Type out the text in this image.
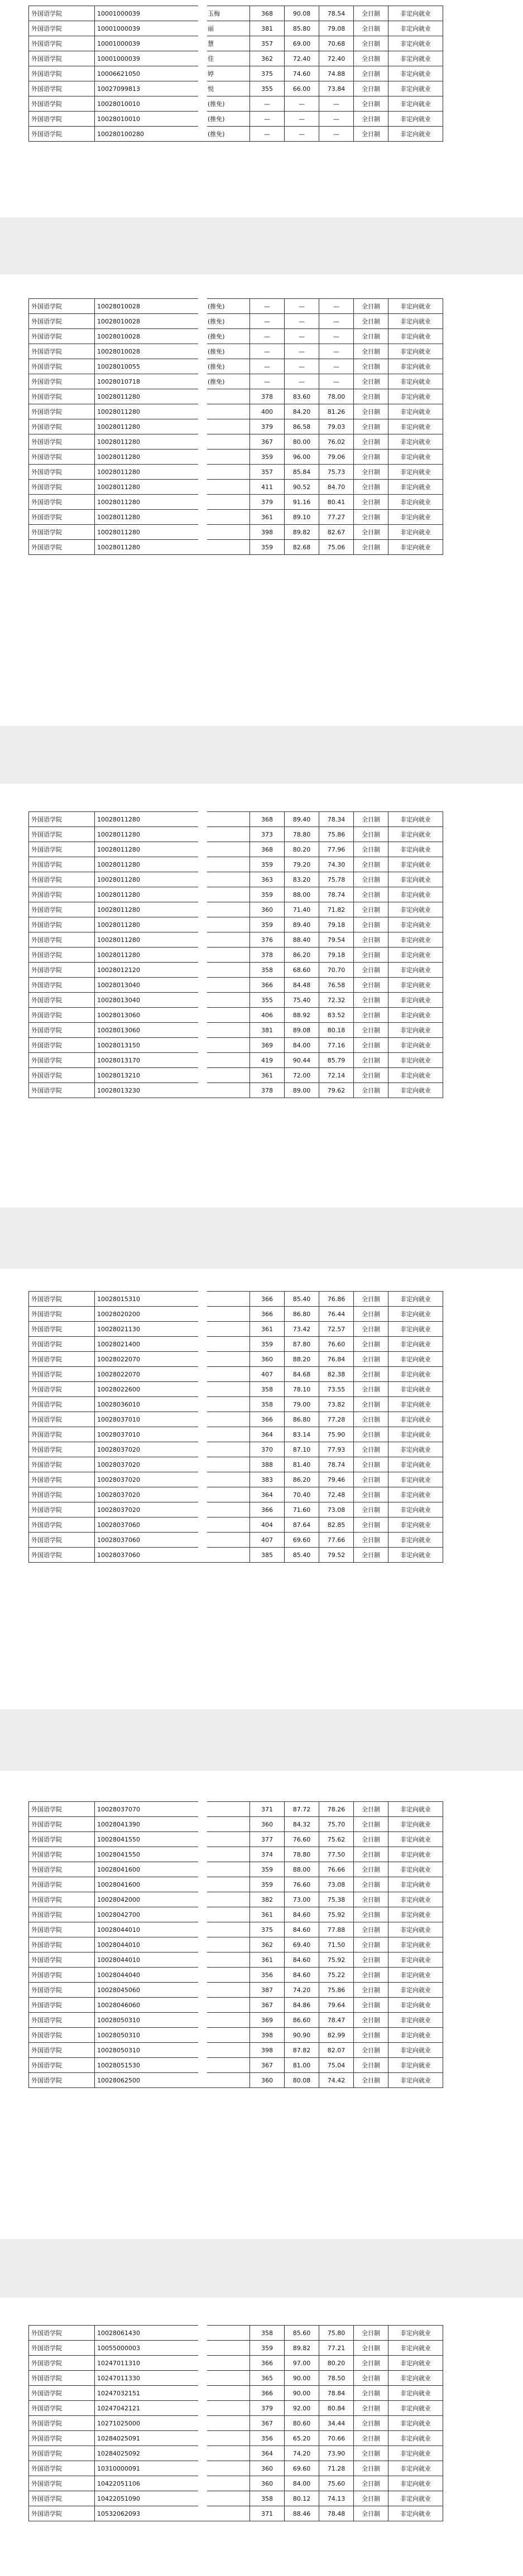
外国语学院	10001000039	玉梅	368	90.08	78.54	全日制	非定向就业
外国语学院	10001000039	丽	381	85.80	79.08	全日制	非定向就业
外国语学院	10001000039	慧	357	69.00	70.68	全日制	非定向就业
外国语学院	10001000039	佳	362	72.40	72.40	全日制	非定向就业
外国语学院	10006621050	婷	375	74.60	74.88	全日制	非定向就业
外国语学院	10027099813	悦	355	66.00	73.84	全日制	非定向就业
外国语学院	10028010010	(推免)	—	—	—	全日制	非定向就业
外国语学院	10028010010	(推免)	—	—	—	全日制	非定向就业
外国语学院	100280100280	(推免)	—	—	—	全日制	非定向就业
外国语学院	10028010028	(推免)	—	—	—	全日制	非定向就业
外国语学院	10028010028	(推免)	—	—	—	全日制	非定向就业
外国语学院	10028010028	(推免)	—	—	—	全日制	非定向就业
外国语学院	10028010028	(推免)	—	—	—	全日制	非定向就业
外国语学院	10028010055	(推免)	—	—	—	全日制	非定向就业
外国语学院	10028010718	(推免)	—	—	—	全日制	非定向就业
外国语学院	10028011280		378	83.60	78.00	全日制	非定向就业
外国语学院	10028011280		400	84.20	81.26	全日制	非定向就业
外国语学院	10028011280		379	86.58	79.03	全日制	非定向就业
外国语学院	10028011280		367	80.00	76.02	全日制	非定向就业
外国语学院	10028011280		359	96.00	79.06	全日制	非定向就业
外国语学院	10028011280		357	85.84	75.73	全日制	非定向就业
外国语学院	10028011280		411	90.52	84.70	全日制	非定向就业
外国语学院	10028011280		379	91.16	80.41	全日制	非定向就业
外国语学院	10028011280		361	89.10	77.27	全日制	非定向就业
外国语学院	10028011280		398	89.82	82.67	全日制	非定向就业
外国语学院	10028011280		359	82.68	75.06	全日制	非定向就业
外国语学院	10028011280		368	89.40	78.34	全日制	非定向就业
外国语学院	10028011280		373	78.80	75.86	全日制	非定向就业
外国语学院	10028011280		368	80.20	77.96	全日制	非定向就业
外国语学院	10028011280		359	79.20	74.30	全日制	非定向就业
外国语学院	10028011280		363	83.20	75.78	全日制	非定向就业
外国语学院	10028011280		359	88.00	78.74	全日制	非定向就业
外国语学院	10028011280		360	71.40	71.82	全日制	非定向就业
外国语学院	10028011280		359	89.40	79.18	全日制	非定向就业
外国语学院	10028011280		376	88.40	79.54	全日制	非定向就业
外国语学院	10028011280		378	86.20	79.18	全日制	非定向就业
外国语学院	10028012120		358	68.60	70.70	全日制	非定向就业
外国语学院	10028013040		366	84.48	76.58	全日制	非定向就业
外国语学院	10028013040		355	75.40	72.32	全日制	非定向就业
外国语学院	10028013060		406	88.92	83.52	全日制	非定向就业
外国语学院	10028013060		381	89.08	80.18	全日制	非定向就业
外国语学院	10028013150		369	84.00	77.16	全日制	非定向就业
外国语学院	10028013170		419	90.44	85.79	全日制	非定向就业
外国语学院	10028013210		361	72.00	72.14	全日制	非定向就业
外国语学院	10028013230		378	89.00	79.62	全日制	非定向就业
外国语学院	10028015310		366	85.40	76.86	全日制	非定向就业
外国语学院	10028020200		366	86.80	76.44	全日制	非定向就业
外国语学院	10028021130		361	73.42	72.57	全日制	非定向就业
外国语学院	10028021400		359	87.80	76.60	全日制	非定向就业
外国语学院	10028022070		360	88.20	76.84	全日制	非定向就业
外国语学院	10028022070		407	84.68	82.38	全日制	非定向就业
外国语学院	10028022600		358	78.10	73.55	全日制	非定向就业
外国语学院	10028036010		358	79.00	73.82	全日制	非定向就业
外国语学院	10028037010		366	86.80	77.28	全日制	非定向就业
外国语学院	10028037010		364	83.14	75.90	全日制	非定向就业
外国语学院	10028037020		370	87.10	77.93	全日制	非定向就业
外国语学院	10028037020		388	81.40	78.74	全日制	非定向就业
外国语学院	10028037020		383	86.20	79.46	全日制	非定向就业
外国语学院	10028037020		364	70.40	72.48	全日制	非定向就业
外国语学院	10028037020		366	71.60	73.08	全日制	非定向就业
外国语学院	10028037060		404	87.64	82.85	全日制	非定向就业
外国语学院	10028037060		407	69.60	77.66	全日制	非定向就业
外国语学院	10028037060		385	85.40	79.52	全日制	非定向就业
外国语学院	10028037070		371	87.72	78.26	全日制	非定向就业
外国语学院	10028041390		360	84.32	75.70	全日制	非定向就业
外国语学院	10028041550		377	76.60	75.62	全日制	非定向就业
外国语学院	10028041550		374	78.80	77.50	全日制	非定向就业
外国语学院	10028041600		359	88.00	76.66	全日制	非定向就业
外国语学院	10028041600		359	76.60	73.08	全日制	非定向就业
外国语学院	10028042000		382	73.00	75.38	全日制	非定向就业
外国语学院	10028042700		361	84.60	75.92	全日制	非定向就业
外国语学院	10028044010		375	84.60	77.88	全日制	非定向就业
外国语学院	10028044010		362	69.40	71.50	全日制	非定向就业
外国语学院	10028044010		361	84.60	75.92	全日制	非定向就业
外国语学院	10028044040		356	84.60	75.22	全日制	非定向就业
外国语学院	10028045060		387	74.20	75.86	全日制	非定向就业
外国语学院	10028046060		367	84.86	79.64	全日制	非定向就业
外国语学院	10028050310		369	86.60	78.47	全日制	非定向就业
外国语学院	10028050310		398	90.90	82.99	全日制	非定向就业
外国语学院	10028050310		398	87.82	82.07	全日制	非定向就业
外国语学院	10028051530		367	81.00	75.04	全日制	非定向就业
外国语学院	10028062500		360	80.08	74.42	全日制	非定向就业
外国语学院	10028061430		358	85.60	75.80	全日制	非定向就业
外国语学院	10055000003		359	89.82	77.21	全日制	非定向就业
外国语学院	10247011310		366	97.00	80.20	全日制	非定向就业
外国语学院	10247011330		365	90.00	78.50	全日制	非定向就业
外国语学院	10247032151		366	90.00	78.84	全日制	非定向就业
外国语学院	10247042121		379	92.00	80.84	全日制	非定向就业
外国语学院	10271025000		367	80.60	34.44	全日制	非定向就业
外国语学院	10284025091		356	65.20	70.66	全日制	非定向就业
外国语学院	10284025092		364	74.20	73.90	全日制	非定向就业
外国语学院	10310000091		360	69.60	71.28	全日制	非定向就业
外国语学院	10422051106		360	84.00	75.60	全日制	非定向就业
外国语学院	10422051090		358	80.12	74.13	全日制	非定向就业
外国语学院	10532062093		371	88.46	78.48	全日制	非定向就业
